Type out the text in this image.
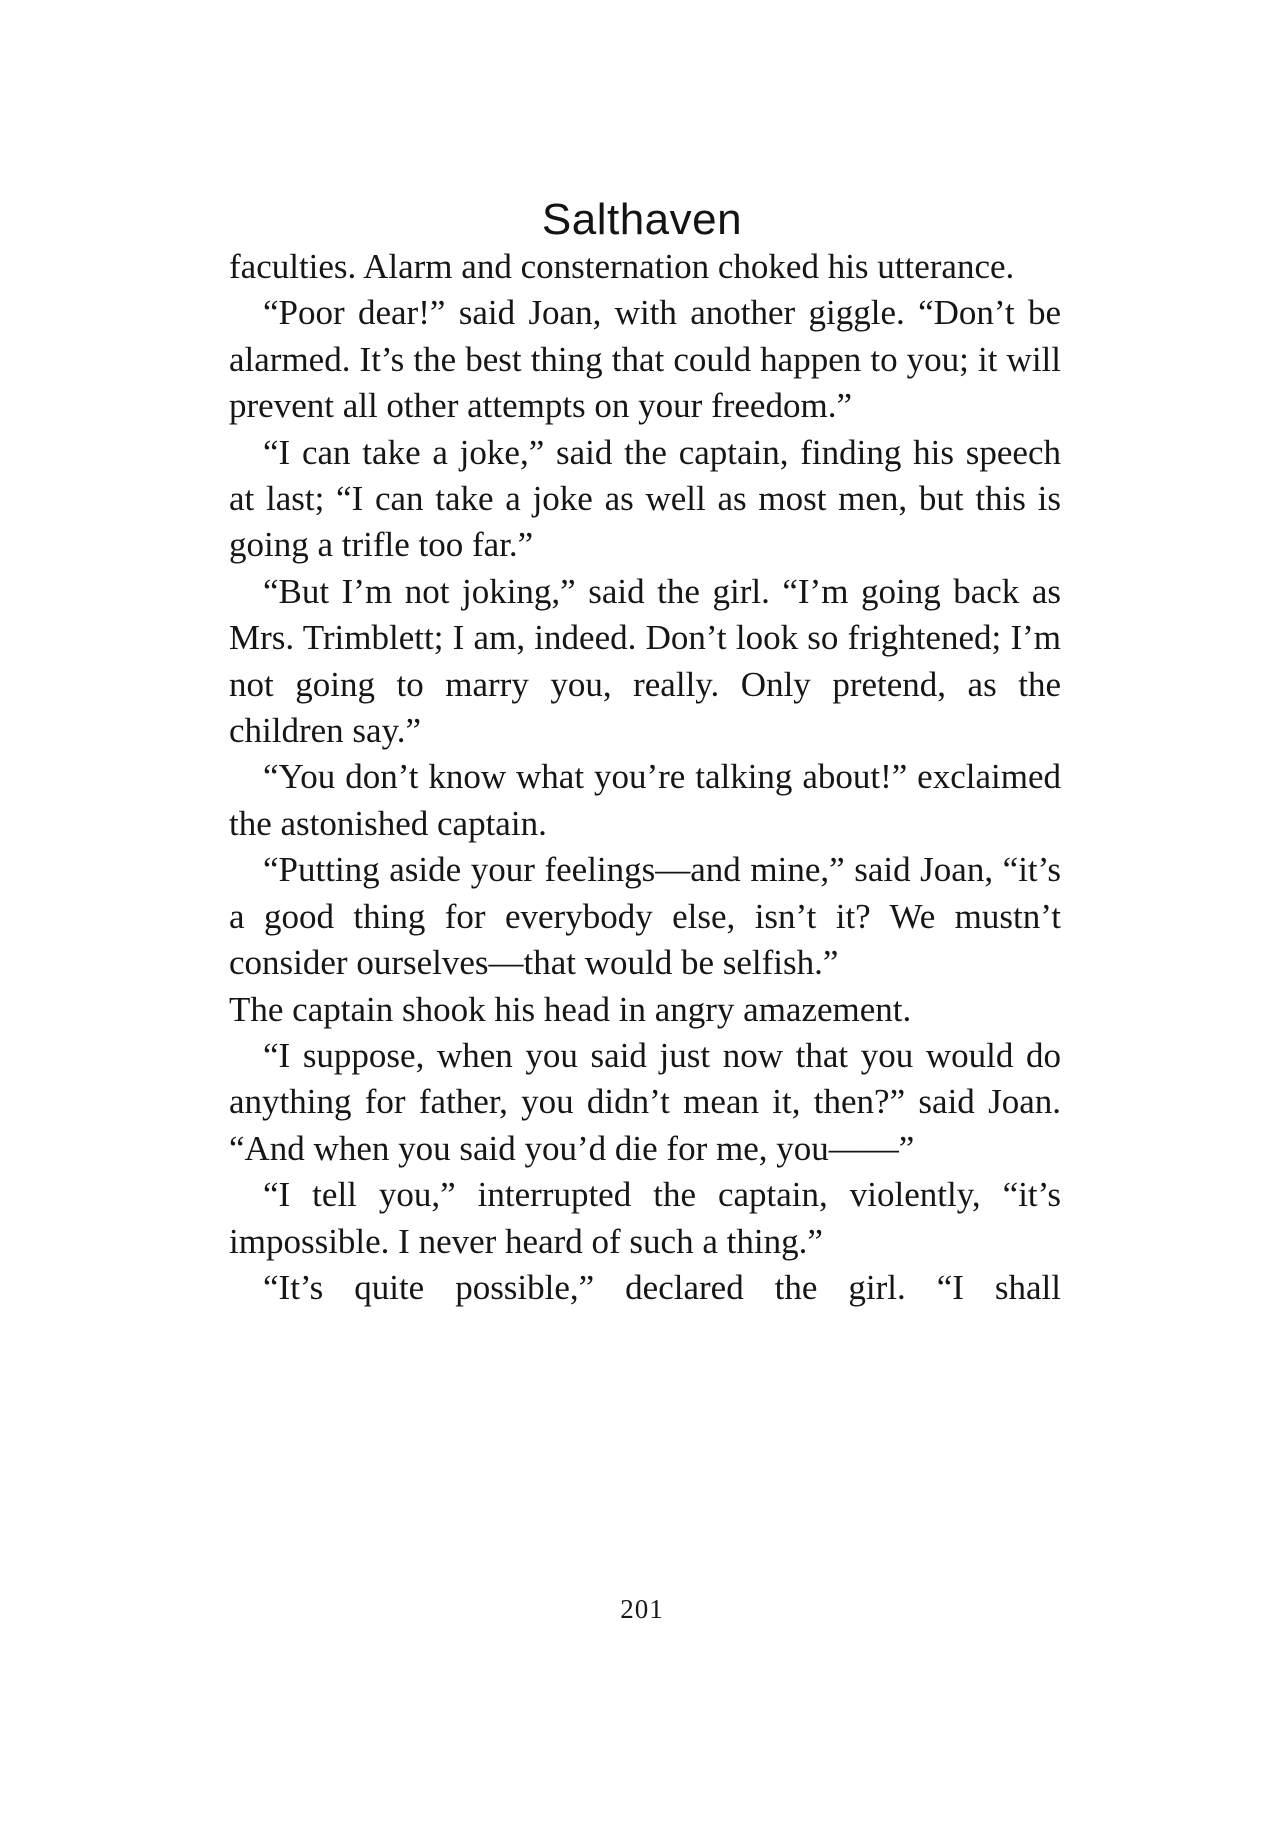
Salthaven

faculties. Alarm and consternation choked his utterance.

“Poor dear!” said Joan, with another giggle. “Don’t be alarmed. It’s the best thing that could happen to you; it will prevent all other attempts on your freedom.”

“I can take a joke,” said the captain, finding his speech at last; “I can take a joke as well as most men, but this is going a trifle too far.”

“But I’m not joking,” said the girl. “I’m going back as Mrs. Trimblett; I am, indeed. Don’t look so frightened; I’m not going to marry you, really. Only pretend, as the children say.”

“You don’t know what you’re talking about!” exclaimed the astonished captain.

“Putting aside your feelings—and mine,” said Joan, “it’s a good thing for everybody else, isn’t it? We mustn’t consider ourselves—that would be selfish.”

The captain shook his head in angry amazement.

“I suppose, when you said just now that you would do anything for father, you didn’t mean it, then?” said Joan. “And when you said you’d die for me, you——”

“I tell you,” interrupted the captain, violently, “it’s impossible. I never heard of such a thing.”

“It’s quite possible,” declared the girl. “I shall

201
